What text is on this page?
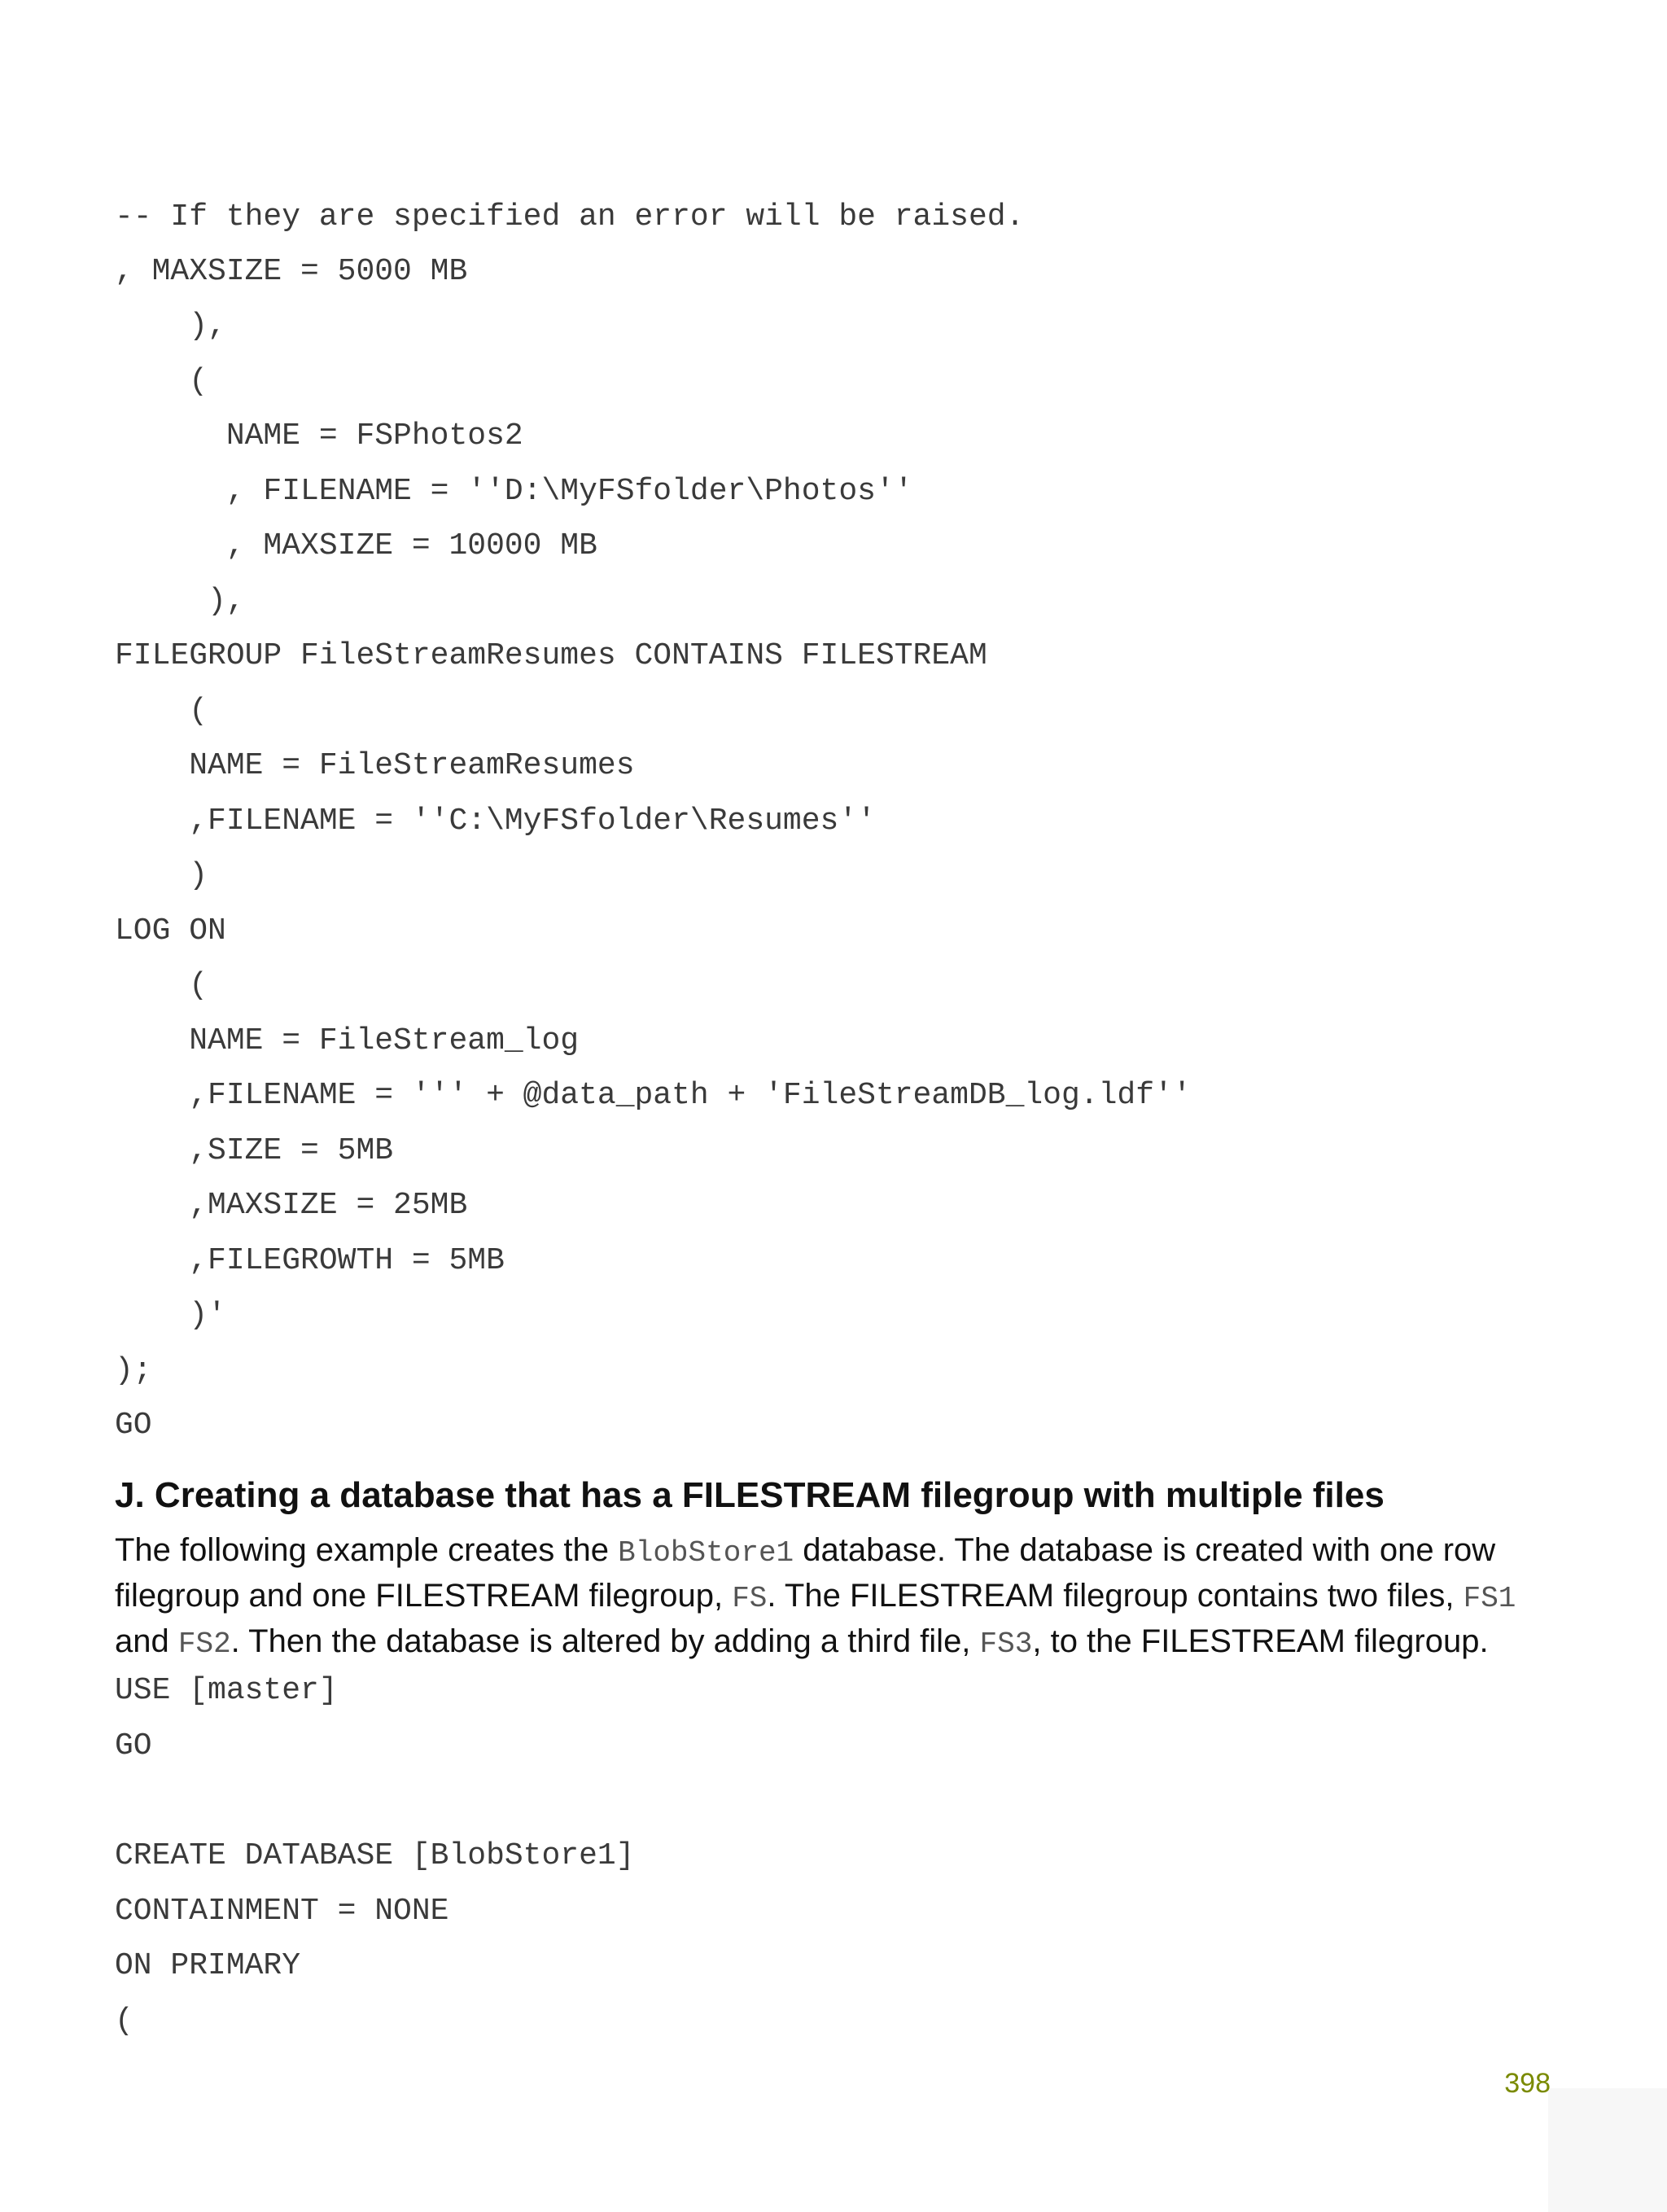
-- If they are specified an error will be raised.

, MAXSIZE = 5000 MB

),

(

NAME = FSPhotos2

, FILENAME = ''D:\MyFSfolder\Photos''

, MAXSIZE = 10000 MB

),

FILEGROUP FileStreamResumes CONTAINS FILESTREAM

(

NAME = FileStreamResumes

,FILENAME = ''C:\MyFSfolder\Resumes''

)

LOG ON

(

NAME = FileStream_log

,FILENAME = ''' + @data_path + 'FileStreamDB_log.ldf''

,SIZE = 5MB

,MAXSIZE = 25MB

,FILEGROWTH = 5MB

)'

);

GO

J. Creating a database that has a FILESTREAM filegroup with multiple files

The following example creates the BlobStore1 database. The database is created with one row filegroup and one FILESTREAM filegroup, FS. The FILESTREAM filegroup contains two files, FS1 and FS2. Then the database is altered by adding a third file, FS3, to the FILESTREAM filegroup.

USE [master]

GO

CREATE DATABASE [BlobStore1]

CONTAINMENT = NONE

ON PRIMARY

(

398
